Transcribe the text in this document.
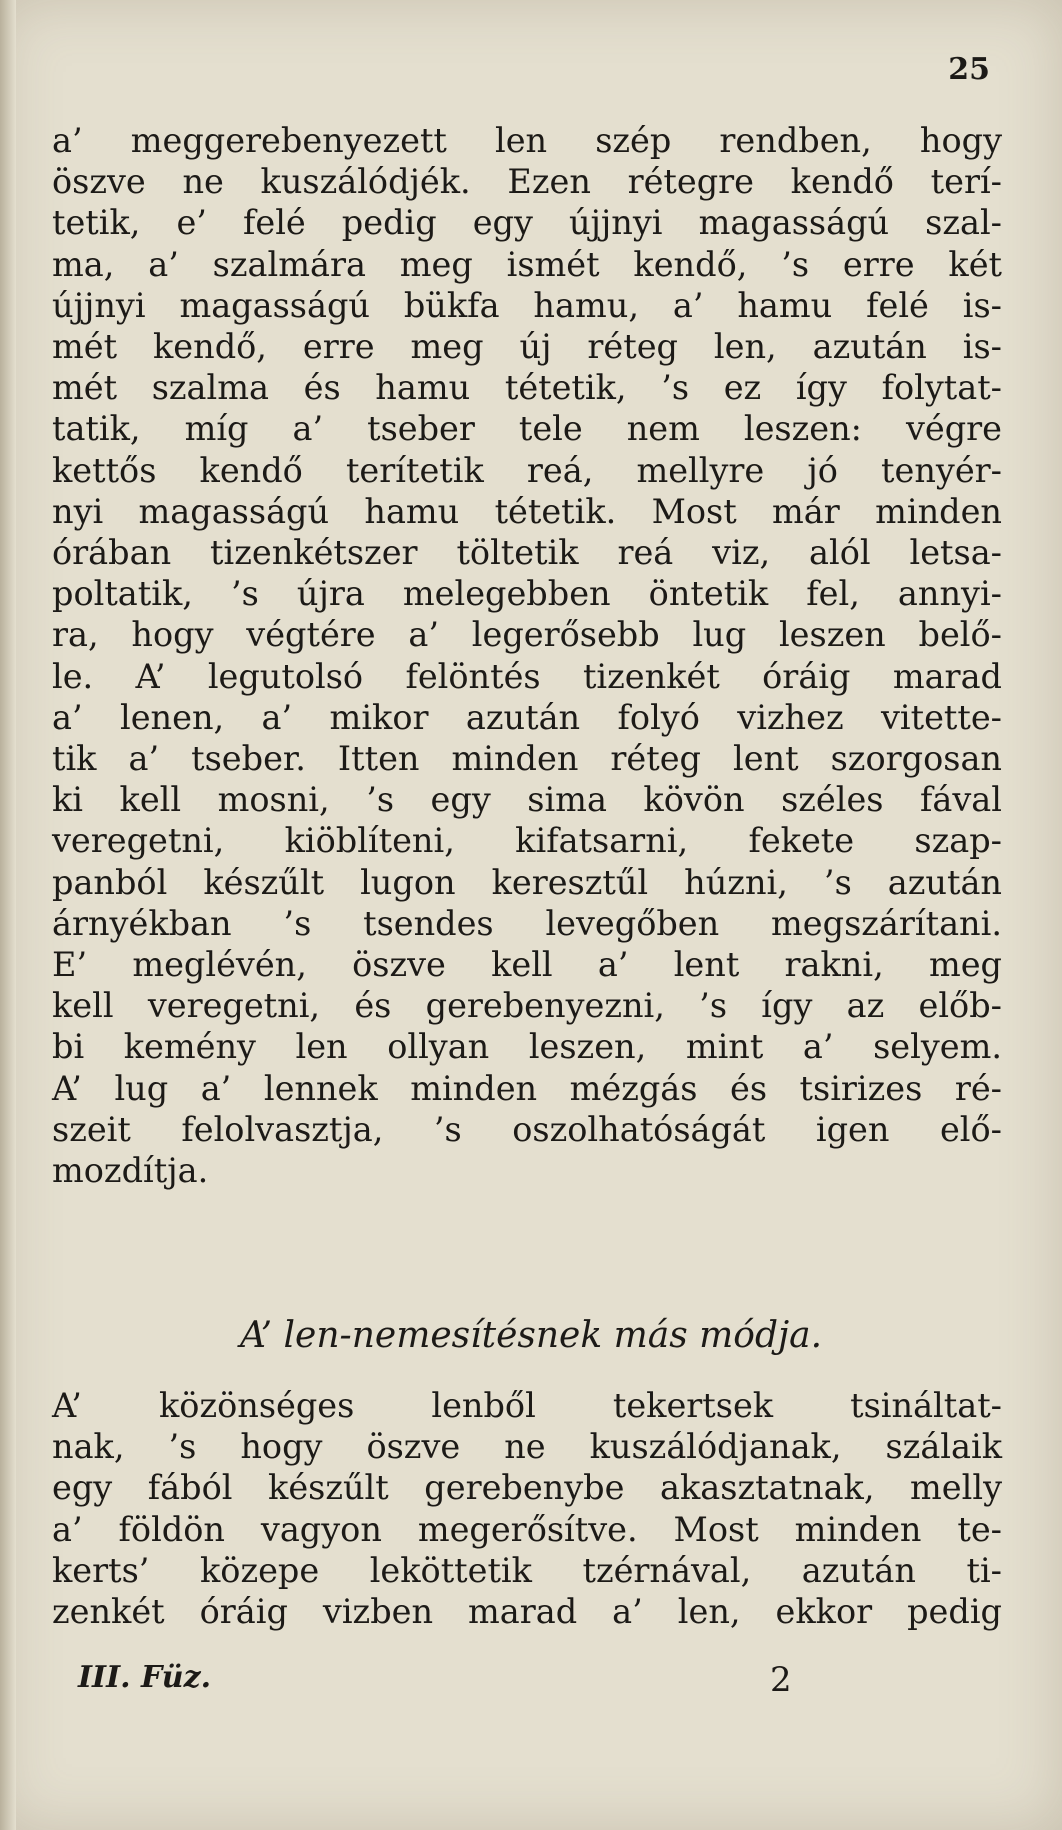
25
a’ meggerebenyezett len szép rendben, hogy
öszve ne kuszálódjék. Ezen rétegre kendő terí-
tetik, e’ felé pedig egy újjnyi magasságú szal-
ma, a’ szalmára meg ismét kendő, ’s erre két
újjnyi magasságú bükfa hamu, a’ hamu felé is-
mét kendő, erre meg új réteg len, azután is-
mét szalma és hamu tétetik, ’s ez így folytat-
tatik, míg a’ tseber tele nem leszen: végre
kettős kendő terítetik reá, mellyre jó tenyér-
nyi magasságú hamu tétetik. Most már minden
órában tizenkétszer töltetik reá viz, alól letsa-
poltatik, ’s újra melegebben öntetik fel, annyi-
ra, hogy végtére a’ legerősebb lug leszen belő-
le. A’ legutolsó felöntés tizenkét óráig marad
a’ lenen, a’ mikor azután folyó vizhez vitette-
tik a’ tseber. Itten minden réteg lent szorgosan
ki kell mosni, ’s egy sima kövön széles fával
veregetni, kiöblíteni, kifatsarni, fekete szap-
panból készűlt lugon keresztűl húzni, ’s azután
árnyékban ’s tsendes levegőben megszárítani.
E’ meglévén, öszve kell a’ lent rakni, meg
kell veregetni, és gerebenyezni, ’s így az előb-
bi kemény len ollyan leszen, mint a’ selyem.
A’ lug a’ lennek minden mézgás és tsirizes ré-
szeit felolvasztja, ’s oszolhatóságát igen elő-
mozdítja.
A’ len-nemesítésnek más módja.
A’ közönséges lenből tekertsek tsináltat-
nak, ’s hogy öszve ne kuszálódjanak, szálaik
egy fából készűlt gerebenybe akasztatnak, melly
a’ földön vagyon megerősítve. Most minden te-
kerts’ közepe leköttetik tzérnával, azután ti-
zenkét óráig vizben marad a’ len, ekkor pedig
III. Füz.	2
